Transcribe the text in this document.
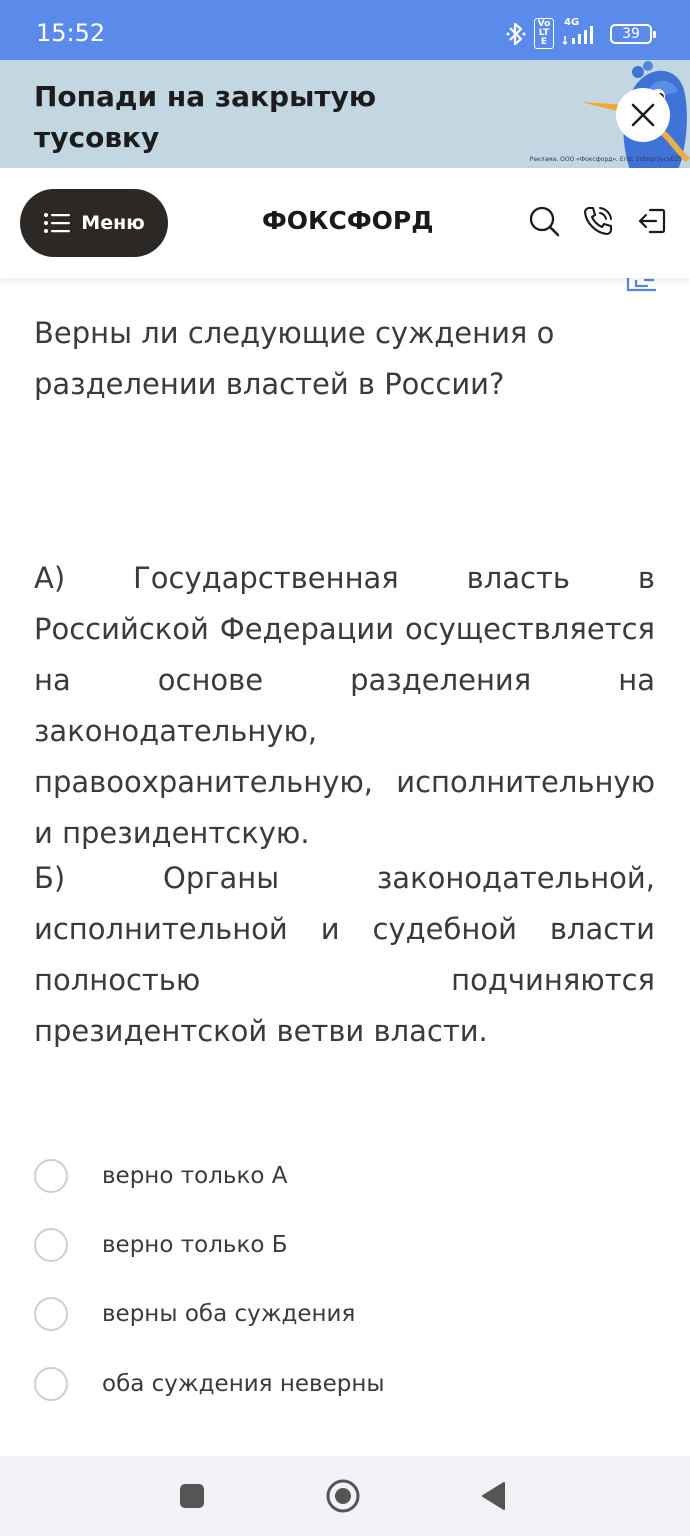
15:52	Vo LTE
4G
39
Попади на закрытую тусовку
Реклама. ООО «Фоксфорд». Erid: 2VtzqxSycyE25
Меню	ФОКСФОРД
Верны ли следующие суждения о разделении властей в России?
А) Государственная власть в Российской Федерации осуществляется на основе разделения на законодательную, правоохранительную, исполнительную и президентскую.
Б) Органы законодательной, исполнительной и судебной власти полностью подчиняются президентской ветви власти.
верно только А
верно только Б
верны оба суждения
оба суждения неверны
